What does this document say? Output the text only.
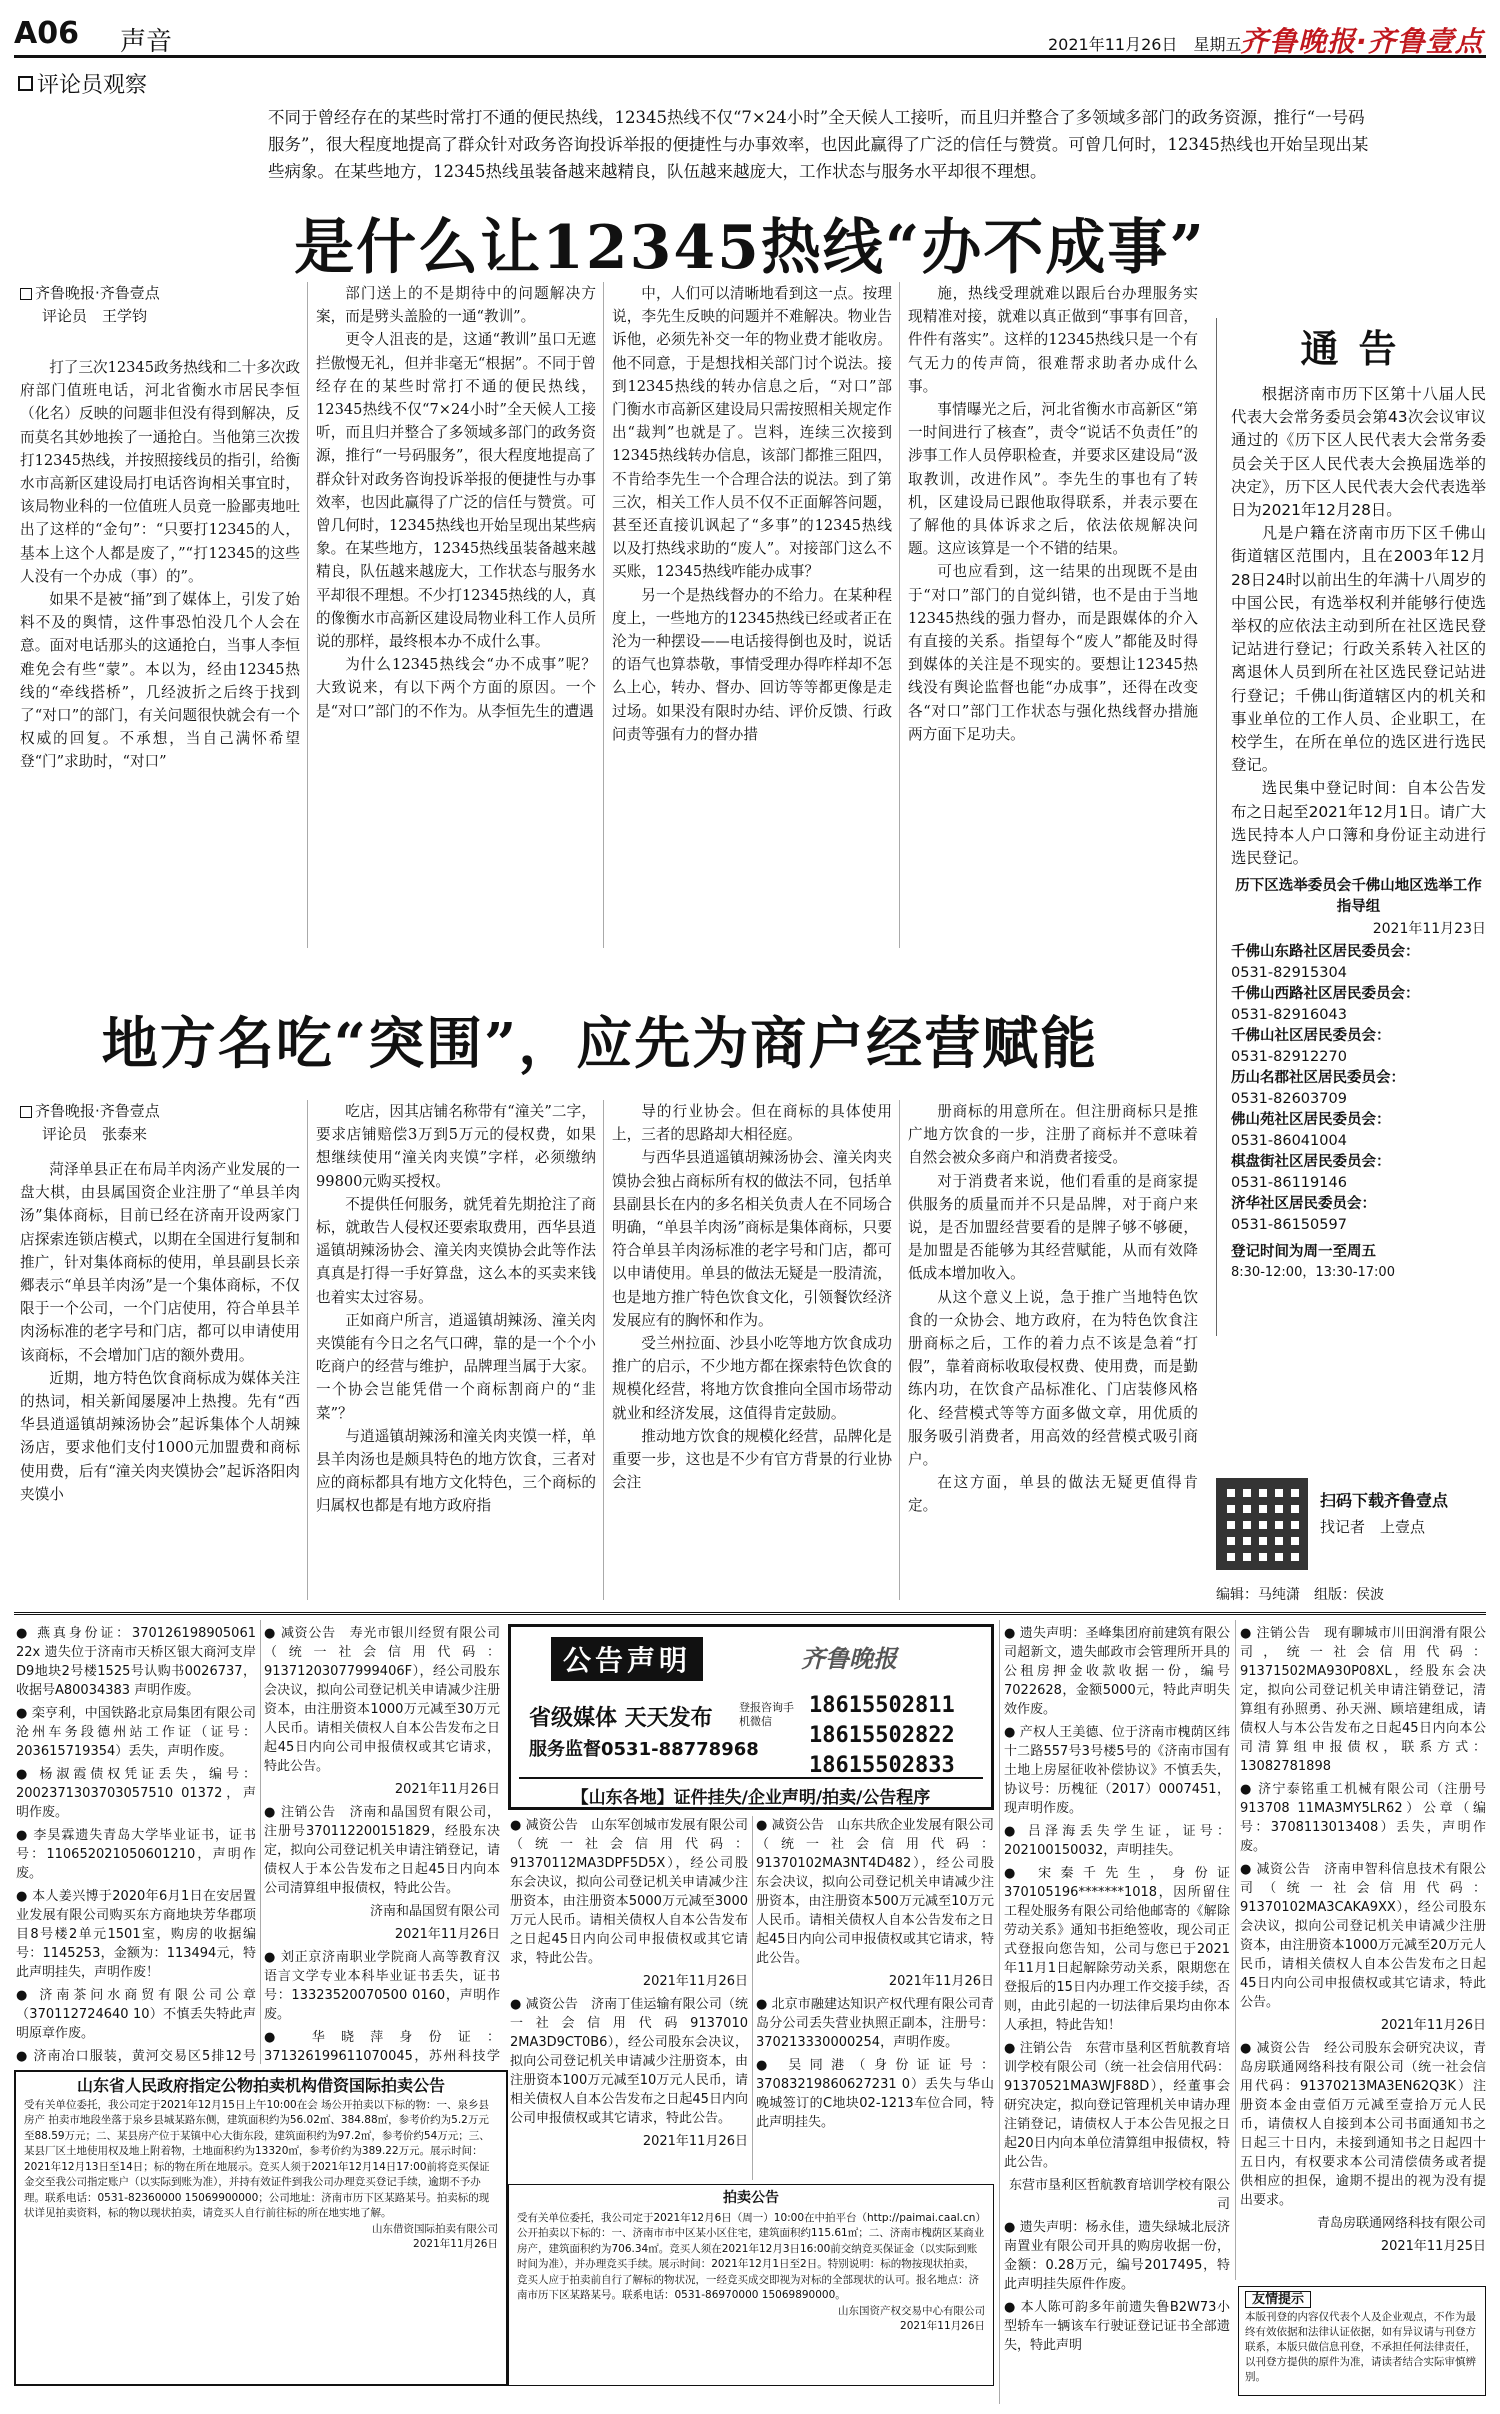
A06 声音	2021年11月26日　星期五
齐鲁晚报·齐鲁壹点
评论员观察
不同于曾经存在的某些时常打不通的便民热线，12345热线不仅“7×24小时”全天候人工接听，而且归并整合了多领域多部门的政务资源，推行“一号码服务”，很大程度地提高了群众针对政务咨询投诉举报的便捷性与办事效率，也因此赢得了广泛的信任与赞赏。可曾几何时，12345热线也开始呈现出某些病象。在某些地方，12345热线虽装备越来越精良，队伍越来越庞大，工作状态与服务水平却很不理想。
是什么让12345热线“办不成事”
齐鲁晚报·齐鲁壹点
评论员　王学钧

打了三次12345政务热线和二十多次政府部门值班电话，河北省衡水市居民李恒（化名）反映的问题非但没有得到解决，反而莫名其妙地挨了一通抢白。当他第三次拨打12345热线，并按照接线员的指引，给衡水市高新区建设局打电话咨询相关事宜时，该局物业科的一位值班人员竟一脸鄙夷地吐出了这样的“金句”：“只要打12345的人，基本上这个人都是废了，”“打12345的这些人没有一个办成（事）的”。

如果不是被“捅”到了媒体上，引发了始料不及的舆情，这件事恐怕没几个人会在意。面对电话那头的这通抢白，当事人李恒难免会有些“蒙”。本以为，经由12345热线的“牵线搭桥”，几经波折之后终于找到了“对口”的部门，有关问题很快就会有一个权威的回复。不承想，当自己满怀希望登“门”求助时，“对口”

部门送上的不是期待中的问题解决方案，而是劈头盖脸的一通“教训”。

更令人沮丧的是，这通“教训”虽口无遮拦傲慢无礼，但并非毫无“根据”。不同于曾经存在的某些时常打不通的便民热线，12345热线不仅“7×24小时”全天候人工接听，而且归并整合了多领域多部门的政务资源，推行“一号码服务”，很大程度地提高了群众针对政务咨询投诉举报的便捷性与办事效率，也因此赢得了广泛的信任与赞赏。可曾几何时，12345热线也开始呈现出某些病象。在某些地方，12345热线虽装备越来越精良，队伍越来越庞大，工作状态与服务水平却很不理想。不少打12345热线的人，真的像衡水市高新区建设局物业科工作人员所说的那样，最终根本办不成什么事。

为什么12345热线会“办不成事”呢？大致说来，有以下两个方面的原因。一个是“对口”部门的不作为。从李恒先生的遭遇

中，人们可以清晰地看到这一点。按理说，李先生反映的问题并不难解决。物业告诉他，必须先补交一年的物业费才能收房。他不同意，于是想找相关部门讨个说法。接到12345热线的转办信息之后，“对口”部门衡水市高新区建设局只需按照相关规定作出“裁判”也就是了。岂料，连续三次接到12345热线转办信息，该部门都推三阻四，不肯给李先生一个合理合法的说法。到了第三次，相关工作人员不仅不正面解答问题，甚至还直接讥讽起了“多事”的12345热线以及打热线求助的“废人”。对接部门这么不买账，12345热线咋能办成事？

另一个是热线督办的不给力。在某种程度上，一些地方的12345热线已经或者正在沦为一种摆设——电话接得倒也及时，说话的语气也算恭敬，事情受理办得咋样却不怎么上心，转办、督办、回访等等都更像是走过场。如果没有限时办结、评价反馈、行政问责等强有力的督办措

施，热线受理就难以跟后台办理服务实现精准对接，就难以真正做到“事事有回音，件件有落实”。这样的12345热线只是一个有气无力的传声筒，很难帮求助者办成什么事。

事情曝光之后，河北省衡水市高新区“第一时间进行了核查”，责令“说话不负责任”的涉事工作人员停职检查，并要求区建设局“汲取教训，改进作风”。李先生的事也有了转机，区建设局已跟他取得联系，并表示要在了解他的具体诉求之后，依法依规解决问题。这应该算是一个不错的结果。

可也应看到，这一结果的出现既不是由于“对口”部门的自觉纠错，也不是由于当地12345热线的强力督办，而是跟媒体的介入有直接的关系。指望每个“废人”都能及时得到媒体的关注是不现实的。要想让12345热线没有舆论监督也能“办成事”，还得在改变各“对口”部门工作状态与强化热线督办措施两方面下足功夫。

地方名吃“突围”，应先为商户经营赋能
齐鲁晚报·齐鲁壹点
评论员　张泰来

菏泽单县正在布局羊肉汤产业发展的一盘大棋，由县属国资企业注册了“单县羊肉汤”集体商标，目前已经在济南开设两家门店探索连锁店模式，以期在全国进行复制和推广，针对集体商标的使用，单县副县长亲郷表示“单县羊肉汤”是一个集体商标，不仅限于一个公司，一个门店使用，符合单县羊肉汤标准的老字号和门店，都可以申请使用该商标，不会增加门店的额外费用。

近期，地方特色饮食商标成为媒体关注的热词，相关新闻屡屡冲上热搜。先有“西华县逍遥镇胡辣汤协会”起诉集体个人胡辣汤店，要求他们支付1000元加盟费和商标使用费，后有“潼关肉夹馍协会”起诉洛阳肉夹馍小

吃店，因其店铺名称带有“潼关”二字，要求店铺赔偿3万到5万元的侵权费，如果想继续使用“潼关肉夹馍”字样，必须缴纳99800元购买授权。

不提供任何服务，就凭着先期抢注了商标，就敢告人侵权还要索取费用，西华县逍遥镇胡辣汤协会、潼关肉夹馍协会此等作法真真是打得一手好算盘，这么本的买卖来钱也着实太过容易。

正如商户所言，逍遥镇胡辣汤、潼关肉夹馍能有今日之名气口碑，靠的是一个个小吃商户的经营与维护，品牌理当属于大家。一个协会岂能凭借一个商标割商户的“韭菜”？

与逍遥镇胡辣汤和潼关肉夹馍一样，单县羊肉汤也是颇具特色的地方饮食，三者对应的商标都具有地方文化特色，三个商标的归属权也都是有地方政府指

导的行业协会。但在商标的具体使用上，三者的思路却大相径庭。

与西华县逍遥镇胡辣汤协会、潼关肉夹馍协会独占商标所有权的做法不同，包括单县副县长在内的多名相关负责人在不同场合明确，“单县羊肉汤”商标是集体商标，只要符合单县羊肉汤标准的老字号和门店，都可以申请使用。单县的做法无疑是一股清流，也是地方推广特色饮食文化，引领餐饮经济发展应有的胸怀和作为。

受兰州拉面、沙县小吃等地方饮食成功推广的启示，不少地方都在探索特色饮食的规模化经营，将地方饮食推向全国市场带动就业和经济发展，这值得肯定鼓励。

推动地方饮食的规模化经营，品牌化是重要一步，这也是不少有官方背景的行业协会注

册商标的用意所在。但注册商标只是推广地方饮食的一步，注册了商标并不意味着自然会被众多商户和消费者接受。

对于消费者来说，他们看重的是商家提供服务的质量而并不只是品牌，对于商户来说，是否加盟经营要看的是牌子够不够硬，是加盟是否能够为其经营赋能，从而有效降低成本增加收入。

从这个意义上说，急于推广当地特色饮食的一众协会、地方政府，在为特色饮食注册商标之后，工作的着力点不该是急着“打假”，靠着商标收取侵权费、使用费，而是勤练内功，在饮食产品标准化、门店装修风格化、经营模式等等方面多做文章，用优质的服务吸引消费者，用高效的经营模式吸引商户。

在这方面，单县的做法无疑更值得肯定。

通告

根据济南市历下区第十八届人民代表大会常务委员会第43次会议审议通过的《历下区人民代表大会常务委员会关于区人民代表大会换届选举的决定》，历下区人民代表大会代表选举日为2021年12月28日。

凡是户籍在济南市历下区千佛山街道辖区范围内，且在2003年12月28日24时以前出生的年满十八周岁的中国公民，有选举权利并能够行使选举权的应依法主动到所在社区选民登记站进行登记；行政关系转入社区的离退休人员到所在社区选民登记站进行登记；千佛山街道辖区内的机关和事业单位的工作人员、企业职工，在校学生，在所在单位的选区进行选民登记。

选民集中登记时间：自本公告发布之日起至2021年12月1日。请广大选民持本人户口簿和身份证主动进行选民登记。

历下区选举委员会千佛山地区选举工作指导组
2021年11月23日
千佛山东路社区居民委员会：
0531-82915304
千佛山西路社区居民委员会：
0531-82916043
千佛山社区居民委员会：
0531-82912270
历山名郡社区居民委员会：
0531-82603709
佛山苑社区居民委员会：
0531-86041004
棋盘街社区居民委员会：
0531-86119146
济华社区居民委员会：
0531-86150597
登记时间为周一至周五
8:30-12:00，13:30-17:00
扫码下载齐鲁壹点
找记者　上壹点
编辑：马纯潇　组版：侯波

● 燕真身份证：370126198905061 22x 遗失位于济南市天桥区银大商河支岸D9地块2号楼1525号认购书0026737，收据号A80034383 声明作废。

● 栾亨利，中国铁路北京局集团有限公司沧州车务段德州站工作证（证号：203615719354）丢失，声明作废。

● 杨淑霞债权凭证丢失，编号：2002371303703057510 01372，声明作废。

● 李昊霖遗失青岛大学毕业证书，证书号：110652021050601210，声明作废。

● 本人姜兴博于2020年6月1日在安居置业发展有限公司购买东方商地块芳华郡项目8号楼2单元1501室，购房的收据编号：1145253，金额为：113494元，特此声明挂失，声明作废！

● 济南茶问水商贸有限公司公章（370112724640 10）不慎丢失特此声明原章作废。

● 济南冶口服装，黄河交易区5排12号

● 减资公告　寿光市银川经贸有限公司（统一社会信用代码：91371203077999406F），经公司股东会决议，拟向公司登记机关申请减少注册资本，由注册资本1000万元减至30万元人民币。请相关债权人自本公告发布之日起45日内向公司申报债权或其它请求，特此公告。

2021年11月26日

● 注销公告　济南和晶国贸有限公司，注册号370112200151829，经股东决定，拟向公司登记机关申请注销登记，请债权人于本公告发布之日起45日内向本公司清算组申报债权，特此公告。

济南和晶国贸有限公司

2021年11月26日

● 刘正京济南职业学院商人高等教育汉语言文学专业本科毕业证书丢失，证书号：13323520070500 0160，声明作废。

● 华晓萍身份证：371326199611070045，苏州科技学

公告声明	齐鲁晚报
省级媒体 天天发布 登报咨询手机微信
18615502811
18615502822
18615502833
服务监督0531-88778968
【山东各地】证件挂失/企业声明/拍卖/公告程序

● 减资公告　山东军创城市发展有限公司（统一社会信用代码：91370112MA3DPF5D5X），经公司股东会决议，拟向公司登记机关申请减少注册资本，由注册资本5000万元减至3000万元人民币。请相关债权人自本公告发布之日起45日内向公司申报债权或其它请求，特此公告。

2021年11月26日

● 减资公告　济南丁佳运输有限公司（统一社会信用代码9137010 2MA3D9CT0B6），经公司股东会决议，拟向公司登记机关申请减少注册资本，由注册资本100万元减至10万元人民币，请相关债权人自本公告发布之日起45日内向公司申报债权或其它请求，特此公告。

2021年11月26日

● 减资公告　山东共欣企业发展有限公司（统一社会信用代码：91370102MA3NT4D482），经公司股东会决议，拟向公司登记机关申请减少注册资本，由注册资本500万元减至10万元人民币。请相关债权人自本公告发布之日起45日内向公司申报债权或其它请求，特此公告。

2021年11月26日

● 北京市融建达知识产权代理有限公司青岛分公司丢失营业执照正副本，注册号：370213330000254，声明作废。

● 吴同港（身份证证号：37083219860627231 0）丢失与华山晚城签订的C地块02-1213车位合同，特此声明挂失。

● 遗失声明：圣峰集团府前建筑有限公司超新文，遗失邮政市会管理所开具的公租房押金收款收据一份，编号7022628，金额5000元，特此声明失效作废。

● 产权人王美德、位于济南市槐荫区纬十二路557号3号楼5号的《济南市国有土地上房屋征收补偿协议》不慎丢失，协议号：历槐征（2017）0007451，现声明作废。

● 吕泽海丢失学生证，证号：202100150032，声明挂失。

● 宋秦千先生，身份证 370105196*******1018，因所留住工程处服务有限公司给他邮寄的《解除劳动关系》通知书拒绝签收，现公司正式登报向您告知，公司与您已于2021年11月1日起解除劳动关系，限期您在登报后的15日内办理工作交接手续，否则，由此引起的一切法律后果均由你本人承担，特此告知！

● 注销公告　东营市垦利区哲航教育培训学校有限公司（统一社会信用代码：91370521MA3WJF88D），经董事会研究决定，拟向登记管理机关申请办理注销登记，请债权人于本公告见报之日起20日内向本单位清算组申报债权，特此公告。

东营市垦利区哲航教育培训学校有限公司

● 遗失声明：杨永佳，遗失绿城北辰济南置业有限公司开具的购房收据一份，金额：0.28万元，编号2017495，特此声明挂失原件作废。

● 本人陈可韵多年前遗失鲁B2W73小型轿车一辆该车行驶证登记证书全部遗失，特此声明

● 注销公告　现有聊城市川田润滑有限公司，统一社会信用代码：91371502MA930P08XL，经股东会决定，拟向公司登记机关申请注销登记，清算组有孙照勇、孙天洲、顾培建组成，请债权人与本公告发布之日起45日内向本公司清算组申报债权，联系方式：13082781898

● 济宁泰铭重工机械有限公司（注册号913708 11MA3MY5LR62）公章（编号：3708113013408）丢失，声明作废。

● 减资公告　济南申智科信息技术有限公司（统一社会信用代码：91370102MA3CAKA9XX），经公司股东会决议，拟向公司登记机关申请减少注册资本，由注册资本1000万元减至20万元人民币，请相关债权人自本公告发布之日起45日内向公司申报债权或其它请求，特此公告。

2021年11月26日

● 减资公告　经公司股东会研究决议，青岛房联通网络科技有限公司（统一社会信用代码：91370213MA3EN62Q3K）注册资本金由壹佰万元减至壹拾万元人民币，请债权人自接到本公司书面通知书之日起三十日内，未接到通知书之日起四十五日内，有权要求本公司清偿债务或者提供相应的担保，逾期不提出的视为没有提出要求。

青岛房联通网络科技有限公司

2021年11月25日

山东省人民政府指定公物拍卖机构借资国际拍卖公告
受有关单位委托，我公司定于2021年12月15日上午10:00在会 场公开拍卖以下标的物：一、泉乡县房产 拍卖市地段坐落于泉乡县城某路东侧，建筑面积约为56.02㎡、384.88㎡，参考价约为5.2万元至88.59万元；二、某县房产位于某镇中心大街东段，建筑面积约为97.2㎡，参考价约54万元；三、某县厂区土地使用权及地上附着物，土地面积约为13320㎡，参考价约为389.22万元。展示时间：2021年12月13日至14日；标的物在所在地展示。竞买人须于2021年12月14日17:00前将竞买保证金交至我公司指定账户（以实际到账为准），并持有效证件到我公司办理竞买登记手续，逾期不予办理。联系电话：0531-82360000 15069900000；公司地址：济南市历下区某路某号。拍卖标的现状详见拍卖资料，标的物以现状拍卖，请竞买人自行前往标的所在地实地了解。
山东借资国际拍卖有限公司
2021年11月26日
拍卖公告
受有关单位委托，我公司定于2021年12月6日（周一）10:00在中拍平台（http://paimai.caal.cn）公开拍卖以下标的：一、济南市市中区某小区住宅，建筑面积约115.61㎡；二、济南市槐荫区某商业房产，建筑面积约为706.34㎡。竞买人须在2021年12月3日16:00前交纳竞买保证金（以实际到账时间为准），并办理竞买手续。展示时间：2021年12月1日至2日。特别说明：标的物按现状拍卖，竞买人应于拍卖前自行了解标的物状况，一经竞买成交即视为对标的全部现状的认可。报名地点：济南市历下区某路某号。联系电话：0531-86970000 15069890000。
山东国资产权交易中心有限公司
2021年11月26日
友情提示
本版刊登的内容仅代表个人及企业观点，不作为最终有效依据和法律认证依据，如有异议请与刊登方联系，本版只做信息刊登，不承担任何法律责任，以刊登方提供的原件为准，请读者结合实际审慎辨别。
